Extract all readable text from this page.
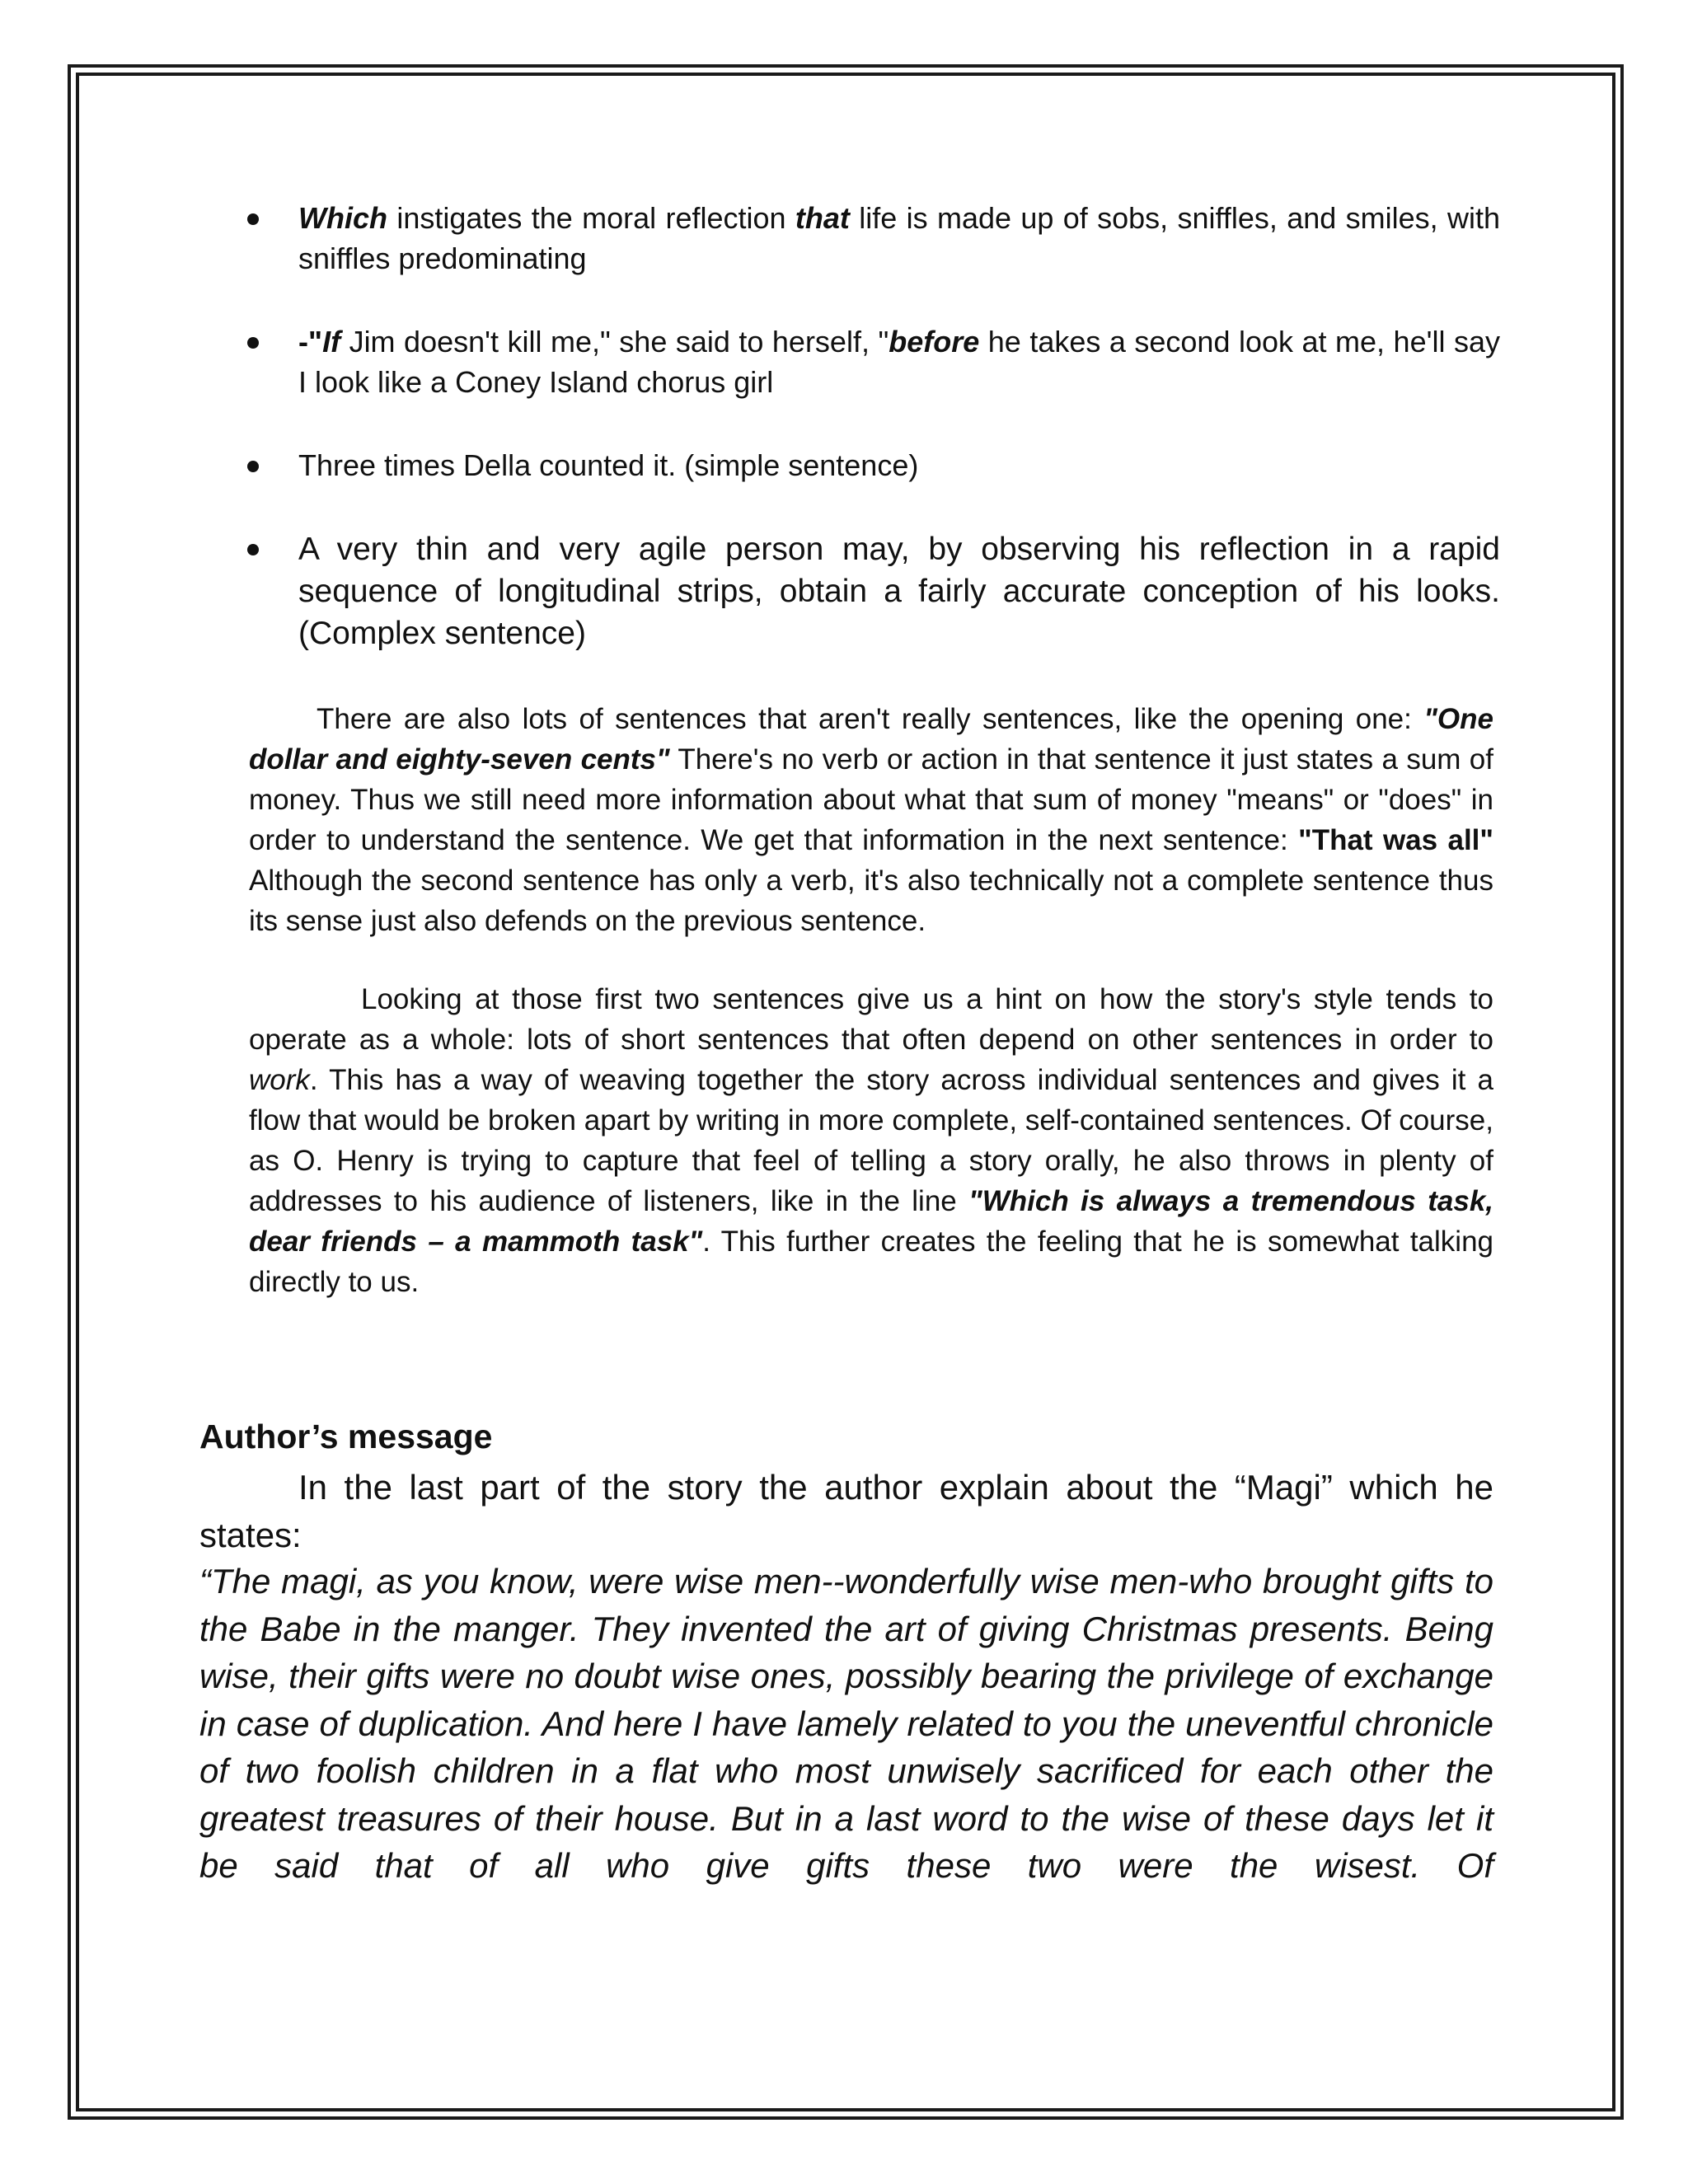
Which instigates the moral reflection that life is made up of sobs, sniffles, and smiles, with sniffles predominating
-"If Jim doesn't kill me," she said to herself, "before he takes a second look at me, he'll say I look like a Coney Island chorus girl
Three times Della counted it. (simple sentence)
A very thin and very agile person may, by observing his reflection in a rapid sequence of longitudinal strips, obtain a fairly accurate conception of his looks. (Complex sentence)

There are also lots of sentences that aren't really sentences, like the opening one: "One dollar and eighty-seven cents" There's no verb or action in that sentence it just states a sum of money. Thus we still need more information about what that sum of money "means" or "does" in order to understand the sentence. We get that information in the next sentence: "That was all" Although the second sentence has only a verb, it's also technically not a complete sentence thus its sense just also defends on the previous sentence.

Looking at those first two sentences give us a hint on how the story's style tends to operate as a whole: lots of short sentences that often depend on other sentences in order to work. This has a way of weaving together the story across individual sentences and gives it a flow that would be broken apart by writing in more complete, self-contained sentences. Of course, as O. Henry is trying to capture that feel of telling a story orally, he also throws in plenty of addresses to his audience of listeners, like in the line "Which is always a tremendous task, dear friends – a mammoth task". This further creates the feeling that he is somewhat talking directly to us.

Author’s message

In the last part of the story the author explain about the “Magi” which he states:

“The magi, as you know, were wise men--wonderfully wise men-who brought gifts to the Babe in the manger. They invented the art of giving Christmas presents. Being wise, their gifts were no doubt wise ones, possibly bearing the privilege of exchange in case of duplication. And here I have lamely related to you the uneventful chronicle of two foolish children in a flat who most unwisely sacrificed for each other the greatest treasures of their house. But in a last word to the wise of these days let it be said that of all who give gifts these two were the wisest. Of
